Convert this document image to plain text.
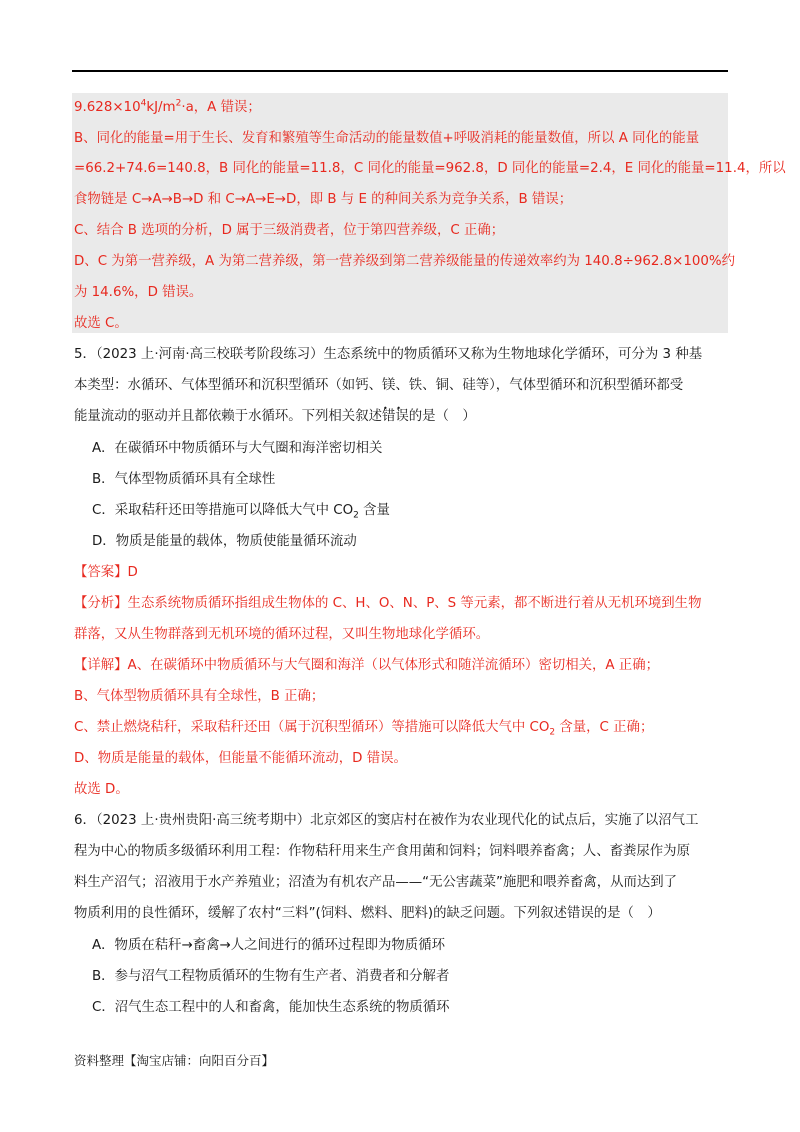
$9.628\times 10^4kJ/m^2\cdot a$，A 错误；
B、同化的能量=用于生长、发育和繁殖等生命活动的能量数值+呼吸消耗的能量数值，所以 A 同化的能量
=66.2+74.6=140.8，B 同化的能量=11.8，C 同化的能量=962.8，D 同化的能量=2.4，E 同化的能量=11.4，所以
食物链是 C→A→B→D 和 C→A→E→D，即 B 与 E 的种间关系为竞争关系，B 错误；
C、结合 B 选项的分析，D 属于三级消费者，位于第四营养级，C 正确；
D、C 为第一营养级，A 为第二营养级，第一营养级到第二营养级能量的传递效率约为 140.8÷962.8×100%约
为 14.6%，D 错误。
故选 C。
5．（2023 上·河南·高三校联考阶段练习）生态系统中的物质循环又称为生物地球化学循环，可分为 3 种基
本类型：水循环、气体型循环和沉积型循环（如钙、镁、铁、铜、硅等），气体型循环和沉积型循环都受
能量流动的驱动并且都依赖于水循环。下列相关叙述• • 错误的是（　）
A．在碳循环中物质循环与大气圈和海洋密切相关
B．气体型物质循环具有全球性
C．采取秸秆还田等措施可以降低大气中 $CO_2$ 含量
D．物质是能量的载体，物质使能量循环流动
【答案】D
【分析】生态系统物质循环指组成生物体的 C、H、O、N、P、S 等元素，都不断进行着从无机环境到生物
群落，又从生物群落到无机环境的循环过程，又叫生物地球化学循环。
【详解】A、在碳循环中物质循环与大气圈和海洋（以气体形式和随洋流循环）密切相关，A 正确；
B、气体型物质循环具有全球性，B 正确；
C、禁止燃烧秸秆，采取秸秆还田（属于沉积型循环）等措施可以降低大气中 $CO_2$ 含量，C 正确；
D、物质是能量的载体，但能量不能循环流动，D 错误。
故选 D。
6．（2023 上·贵州贵阳·高三统考期中）北京郊区的窦店村在被作为农业现代化的试点后，实施了以沼气工
程为中心的物质多级循环利用工程：作物秸秆用来生产食用菌和饲料；饲料喂养畜禽；人、畜粪尿作为原
料生产沼气；沼液用于水产养殖业；沼渣为有机农产品——“无公害蔬菜”施肥和喂养畜禽，从而达到了
物质利用的良性循环，缓解了农村“三料”(饲料、燃料、肥料)的缺乏问题。下列叙述错误的是（　）
A．物质在秸秆→畜禽→人之间进行的循环过程即为物质循环
B．参与沼气工程物质循环的生物有生产者、消费者和分解者
C．沼气生态工程中的人和畜禽，能加快生态系统的物质循环
资料整理【淘宝店铺：向阳百分百】
